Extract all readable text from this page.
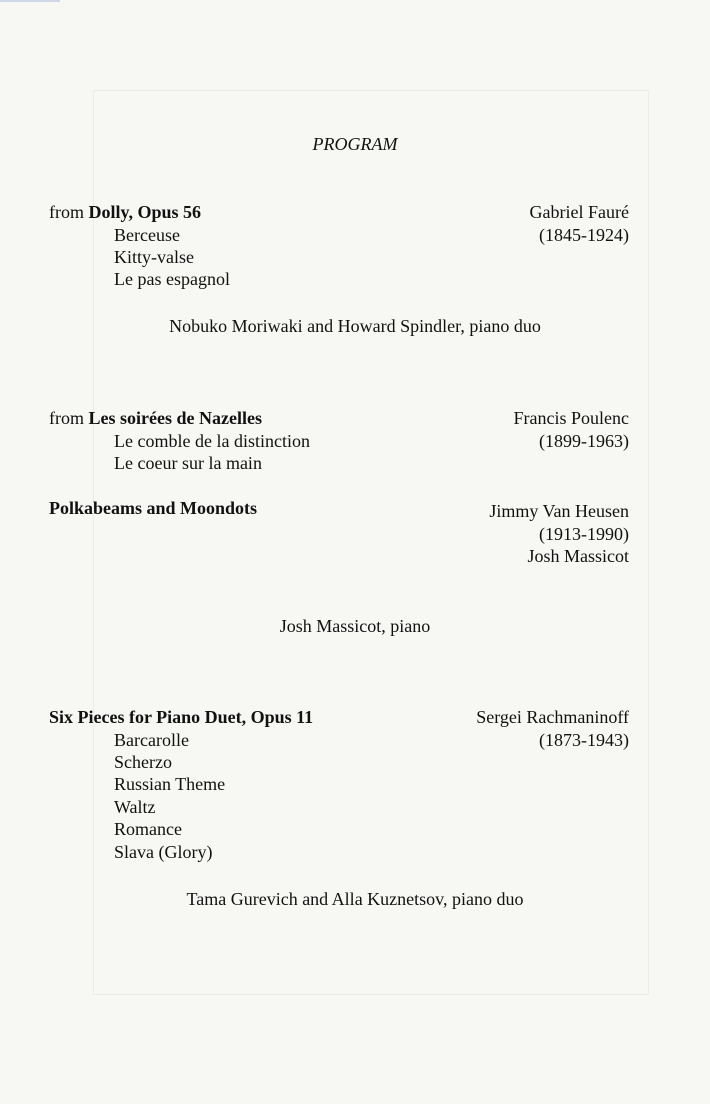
PROGRAM
from Dolly, Opus 56	Gabriel Fauré
(1845-1924)
Berceuse
Kitty-valse
Le pas espagnol
Nobuko Moriwaki and Howard Spindler, piano duo
from Les soirées de Nazelles	Francis Poulenc
(1899-1963)
Le comble de la distinction
Le coeur sur la main
Polkabeams and Moondots	Jimmy Van Heusen
(1913-1990)
Josh Massicot
Josh Massicot, piano
Six Pieces for Piano Duet, Opus 11	Sergei Rachmaninoff
(1873-1943)
Barcarolle
Scherzo
Russian Theme
Waltz
Romance
Slava (Glory)
Tama Gurevich and Alla Kuznetsov, piano duo
